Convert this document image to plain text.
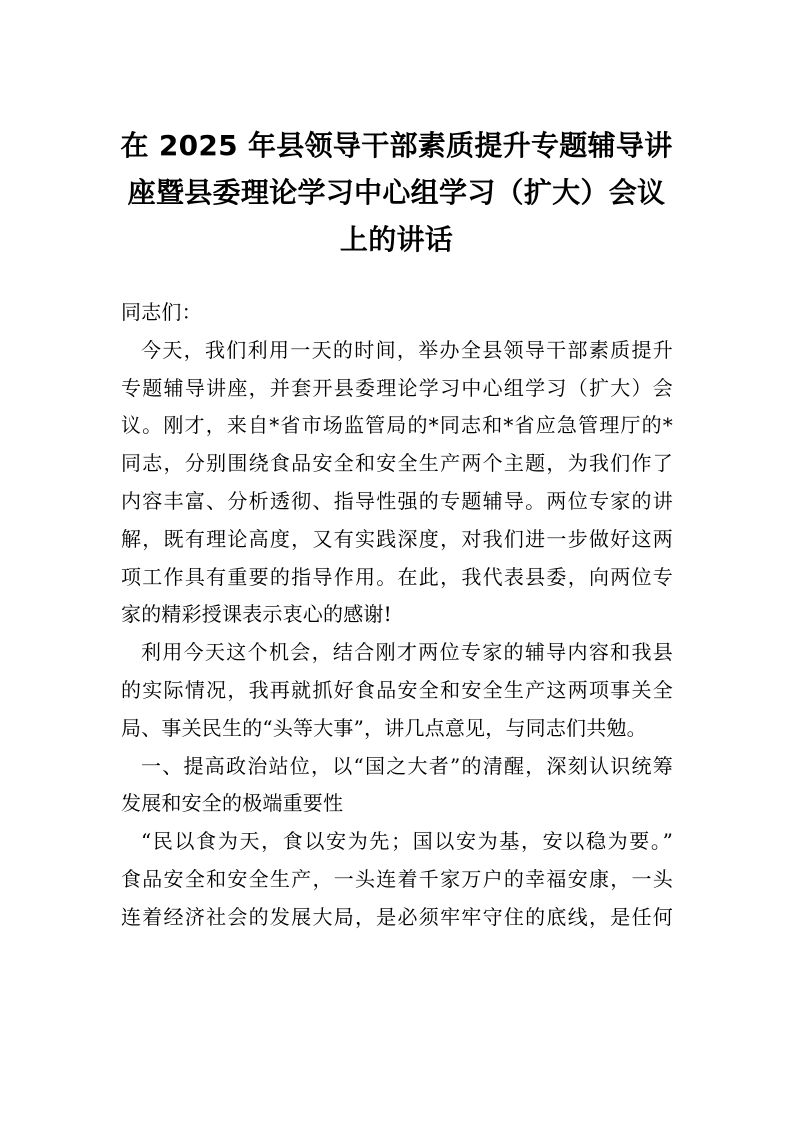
在 2025 年县领导干部素质提升专题辅导讲
座暨县委理论学习中心组学习（扩大）会议
上的讲话
同志们：
今天，我们利用一天的时间，举办全县领导干部素质提升
专题辅导讲座，并套开县委理论学习中心组学习（扩大）会
议。刚才，来自*省市场监管局的*同志和*省应急管理厅的*
同志，分别围绕食品安全和安全生产两个主题，为我们作了
内容丰富、分析透彻、指导性强的专题辅导。两位专家的讲
解，既有理论高度，又有实践深度，对我们进一步做好这两
项工作具有重要的指导作用。在此，我代表县委，向两位专
家的精彩授课表示衷心的感谢!
利用今天这个机会，结合刚才两位专家的辅导内容和我县
的实际情况，我再就抓好食品安全和安全生产这两项事关全
局、事关民生的“头等大事”，讲几点意见，与同志们共勉。
一、提高政治站位，以“国之大者”的清醒，深刻认识统筹
发展和安全的极端重要性
“民以食为天，食以安为先；国以安为基，安以稳为要。”
食品安全和安全生产，一头连着千家万户的幸福安康，一头
连着经济社会的发展大局，是必须牢牢守住的底线，是任何
